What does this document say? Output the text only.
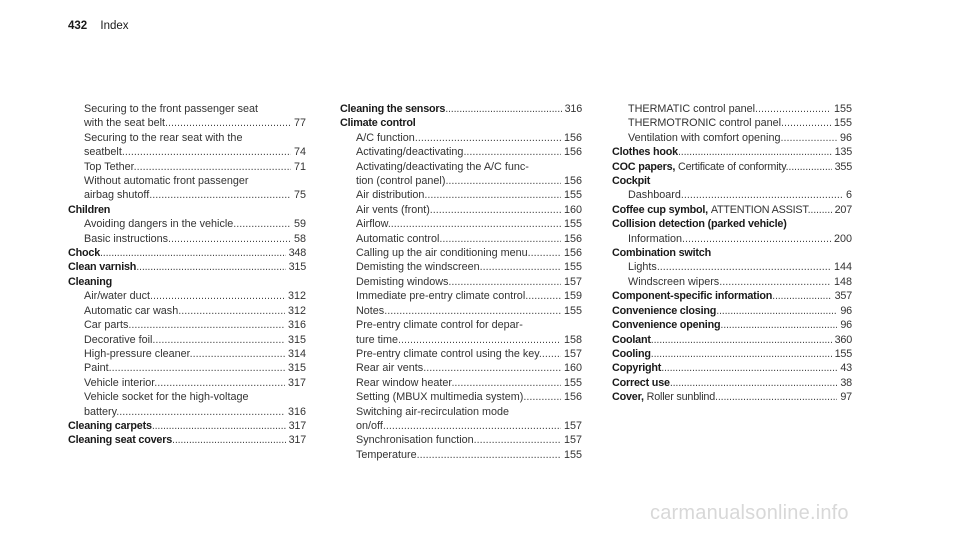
432 Index
Securing to the front passenger seat
with the seat belt .....	77
Securing to the rear seat with the
seatbelt .....	74
Top Tether .....	71
Without automatic front passenger
airbag shutoff .....	75
Children
Avoiding dangers in the vehicle .....	59
Basic instructions .....	58
Chock .....	348
Clean varnish .....	315
Cleaning
Air/water duct .....	312
Automatic car wash .....	312
Car parts .....	316
Decorative foil .....	315
High-pressure cleaner .....	314
Paint .....	315
Vehicle interior .....	317
Vehicle socket for the high-voltage
battery .....	316
Cleaning carpets .....	317
Cleaning seat covers .....	317
Cleaning the sensors .....	316
Climate control
A/C function .....	156
Activating/deactivating .....	156
Activating/deactivating the A/C func-
tion (control panel) .....	156
Air distribution .....	155
Air vents (front) .....	160
Airflow .....	155
Automatic control .....	156
Calling up the air conditioning menu .....	156
Demisting the windscreen .....	155
Demisting windows .....	157
Immediate pre-entry climate control .....	159
Notes .....	155
Pre-entry climate control for depar-
ture time .....	158
Pre-entry climate control using the key ..... 157
Rear air vents .....	160
Rear window heater .....	155
Setting (MBUX multimedia system) .....	156
Switching air-recirculation mode
on/off .....	157
Synchronisation function .....	157
Temperature .....	155
THERMATIC control panel .....	155
THERMOTRONIC control panel .....	155
Ventilation with comfort opening .....	96
Clothes hook .....	135
COC papers, Certificate of conformity .....	355
Cockpit
Dashboard .....	6
Coffee cup symbol, ATTENTION ASSIST ..... 207
Collision detection (parked vehicle)
Information .....	200
Combination switch
Lights .....	144
Windscreen wipers .....	148
Component-specific information .....	357
Convenience closing .....	96
Convenience opening .....	96
Coolant .....	360
Cooling .....	155
Copyright .....	43
Correct use .....	38
Cover, Roller sunblind .....	97
carmanualsonline.info
